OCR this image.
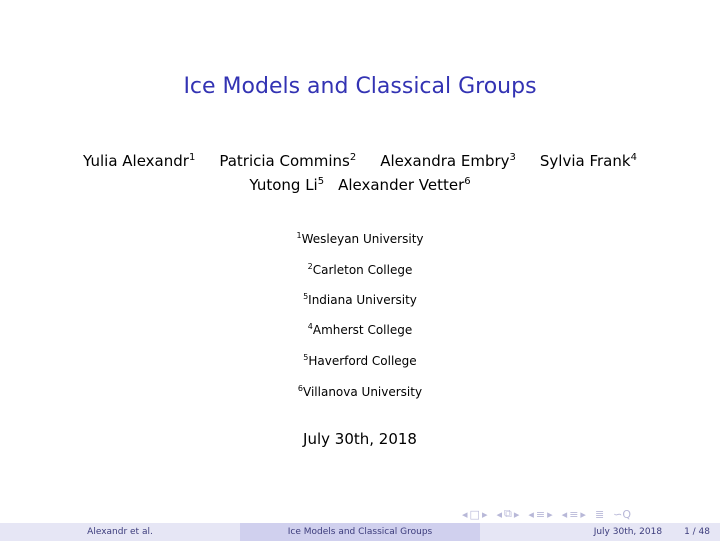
Ice Models and Classical Groups
Yulia Alexandr$^1$ Patricia Commins$^2$ Alexandra Embry$^3$ Sylvia Frank$^4$
Yutong Li$^5$ Alexander Vetter$^6$
$^1$Wesleyan University
$^2$Carleton College
$^5$Indiana University
$^4$Amherst College
$^5$Haverford College
$^6$Villanova University
July 30th, 2018
◂ □ ▸ ◂ ⧉ ▸ ◂ ≡ ▸ ◂ ≡ ▸ ≣ ∽Q
Alexandr et al.	Ice Models and Classical Groups	July 30th, 2018 1 / 48
